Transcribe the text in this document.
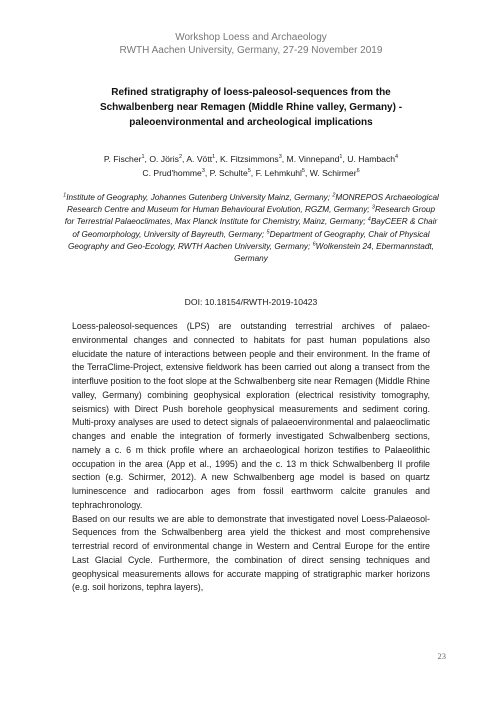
Workshop Loess and Archaeology
RWTH Aachen University, Germany, 27-29 November 2019
Refined stratigraphy of loess-paleosol-sequences from the
Schwalbenberg near Remagen (Middle Rhine valley, Germany) -
paleoenvironmental and archeological implications
P. Fischer$^1$, O. Jöris$^2$, A. Vött$^1$, K. Fitzsimmons$^3$, M. Vinnepand$^1$, U. Hambach$^4$
C. Prud'homme$^3$, P. Schulte$^5$, F. Lehmkuhl$^5$, W. Schirmer$^6$
$^1$Institute of Geography, Johannes Gutenberg University Mainz, Germany; $^2$MONREPOS Archaeological Research Centre and Museum for Human Behavioural Evolution, RGZM, Germany; $^3$Research Group for Terrestrial Palaeoclimates, Max Planck Institute for Chemistry, Mainz, Germany; $^4$BayCEER & Chair of Geomorphology, University of Bayreuth, Germany; $^5$Department of Geography, Chair of Physical Geography and Geo-Ecology, RWTH Aachen University, Germany; $^6$Wolkenstein 24, Ebermannstadt, Germany
DOI: 10.18154/RWTH-2019-10423

Loess-paleosol-sequences (LPS) are outstanding terrestrial archives of palaeo-environmental changes and connected to habitats for past human populations also elucidate the nature of interactions between people and their environment. In the frame of the TerraClime-Project, extensive fieldwork has been carried out along a transect from the interfluve position to the foot slope at the Schwalbenberg site near Remagen (Middle Rhine valley, Germany) combining geophysical exploration (electrical resistivity tomography, seismics) with Direct Push borehole geophysical measurements and sediment coring. Multi-proxy analyses are used to detect signals of palaeoenvironmental and palaeoclimatic changes and enable the integration of formerly investigated Schwalbenberg sections, namely a c. 6 m thick profile where an archaeological horizon testifies to Palaeolithic occupation in the area (App et al., 1995) and the c. 13 m thick Schwalbenberg II profile section (e.g. Schirmer, 2012). A new Schwalbenberg age model is based on quartz luminescence and radiocarbon ages from fossil earthworm calcite granules and tephrachronology.

Based on our results we are able to demonstrate that investigated novel Loess-Palaeosol-Sequences from the Schwalbenberg area yield the thickest and most comprehensive terrestrial record of environmental change in Western and Central Europe for the entire Last Glacial Cycle. Furthermore, the combination of direct sensing techniques and geophysical measurements allows for accurate mapping of stratigraphic marker horizons (e.g. soil horizons, tephra layers),

23
